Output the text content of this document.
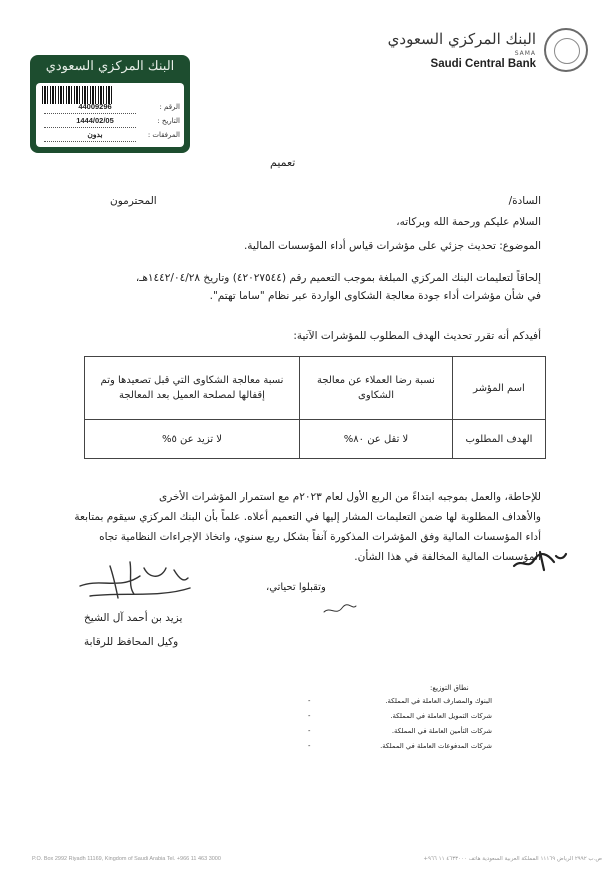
البنك المركزي السعودي
SAMA
Saudi Central Bank
البنك المركزي السعودي
الرقم :
44009296
التاريخ :
1444/02/05
المرفقات :
بدون
تعميم
السادة/
المحترمون
السلام عليكم ورحمة الله وبركاته،
الموضوع: تحديث جزئي على مؤشرات قياس أداء المؤسسات المالية.
إلحاقاً لتعليمات البنك المركزي المبلغة بموجب التعميم رقم (٤٢٠٢٧٥٤٤) وتاريخ ١٤٤٢/٠٤/٢٨هـ،
في شأن مؤشرات أداء جودة معالجة الشكاوى الواردة عبر نظام "ساما تهتم".
أفيدكم أنه تقرر تحديث الهدف المطلوب للمؤشرات الآتية:
اسم المؤشر	نسبة رضا العملاء عن معالجة الشكاوى	نسبة معالجة الشكاوى التي قبل تصعيدها وتم إقفالها لمصلحة العميل بعد المعالجة
الهدف المطلوب	لا تقل عن ٨٠%	لا تزيد عن ٥%
للإحاطة، والعمل بموجبه ابتداءً من الربع الأول لعام ٢٠٢٣م مع استمرار المؤشرات الأخرى
والأهداف المطلوبة لها ضمن التعليمات المشار إليها في التعميم أعلاه. علماً بأن البنك المركزي سيقوم بمتابعة
أداء المؤسسات المالية وفق المؤشرات المذكورة آنفاً بشكل ربع سنوي، واتخاذ الإجراءات النظامية تجاه
المؤسسات المالية المخالفة في هذا الشأن.
وتقبلوا تحياتي،
يزيد بن أحمد آل الشيخ
وكيل المحافظ للرقابة
نطاق التوزيع:
البنوك والمصارف العاملة في المملكة.
-
شركات التمويل العاملة في المملكة.
-
شركات التأمين العاملة في المملكة.
-
شركات المدفوعات العاملة في المملكة.
-
P.O. Box 2992 Riyadh 11169, Kingdom of Saudi Arabia Tel. +966 11 463 3000	ص.ب ٢٩٩٢ الرياض ١١١٦٩ المملكة العربية السعودية هاتف ٤٦٣٣٠٠٠ ١١ ٩٦٦+
